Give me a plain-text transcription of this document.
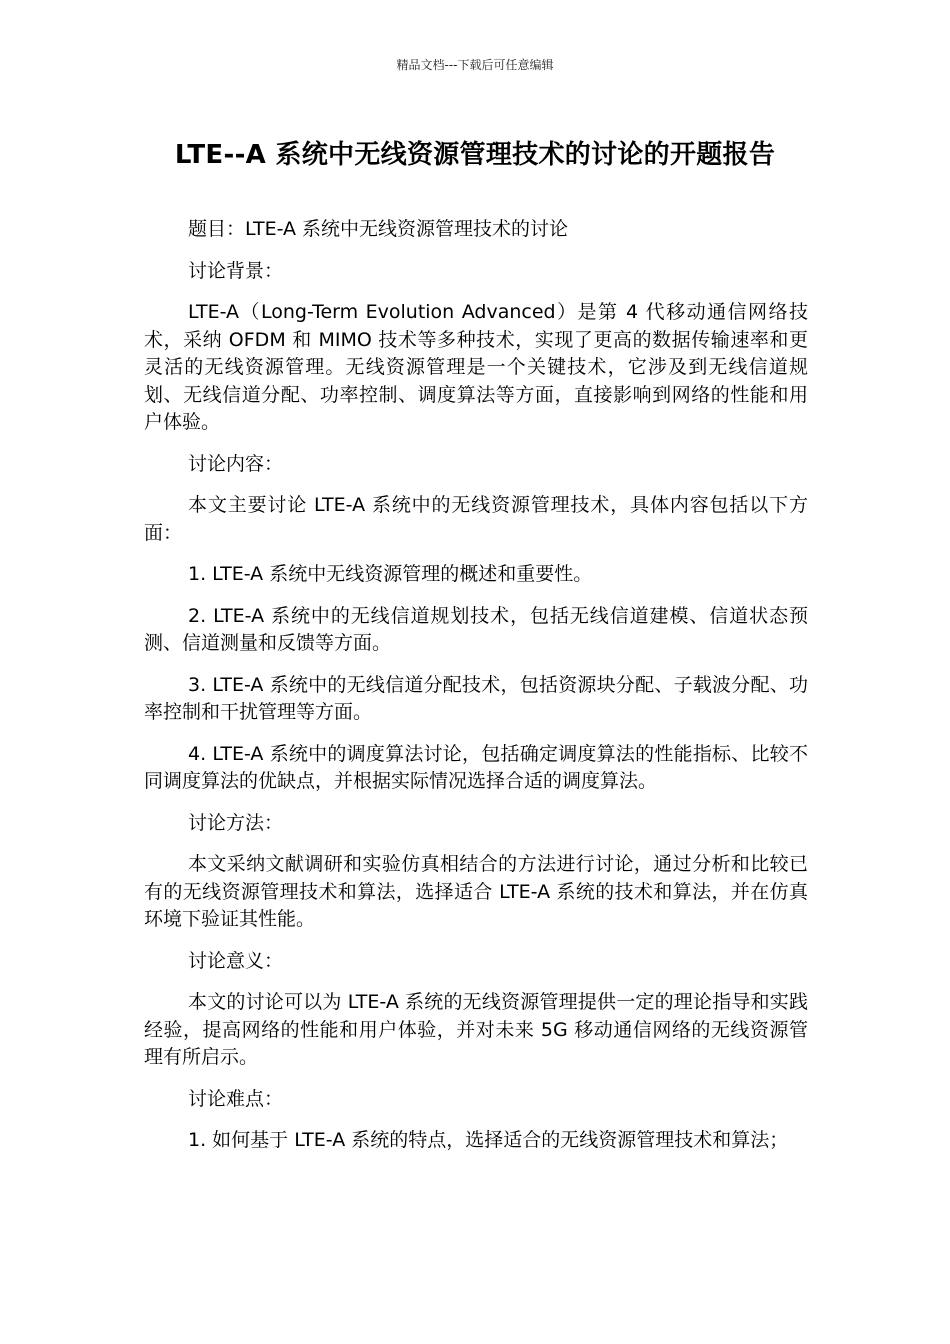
精品文档---下载后可任意编辑
LTE--A 系统中无线资源管理技术的讨论的开题报告

题目：LTE-A 系统中无线资源管理技术的讨论

讨论背景：

LTE-A（Long-Term Evolution Advanced）是第 4 代移动通信网络技术，采纳 OFDM 和 MIMO 技术等多种技术，实现了更高的数据传输速率和更灵活的无线资源管理。无线资源管理是一个关键技术，它涉及到无线信道规划、无线信道分配、功率控制、调度算法等方面，直接影响到网络的性能和用户体验。

讨论内容：

本文主要讨论 LTE-A 系统中的无线资源管理技术，具体内容包括以下方面：

1. LTE-A 系统中无线资源管理的概述和重要性。

2. LTE-A 系统中的无线信道规划技术，包括无线信道建模、信道状态预测、信道测量和反馈等方面。

3. LTE-A 系统中的无线信道分配技术，包括资源块分配、子载波分配、功率控制和干扰管理等方面。

4. LTE-A 系统中的调度算法讨论，包括确定调度算法的性能指标、比较不同调度算法的优缺点，并根据实际情况选择合适的调度算法。

讨论方法：

本文采纳文献调研和实验仿真相结合的方法进行讨论，通过分析和比较已有的无线资源管理技术和算法，选择适合 LTE-A 系统的技术和算法，并在仿真环境下验证其性能。

讨论意义：

本文的讨论可以为 LTE-A 系统的无线资源管理提供一定的理论指导和实践经验，提高网络的性能和用户体验，并对未来 5G 移动通信网络的无线资源管理有所启示。

讨论难点：

1. 如何基于 LTE-A 系统的特点，选择适合的无线资源管理技术和算法；
